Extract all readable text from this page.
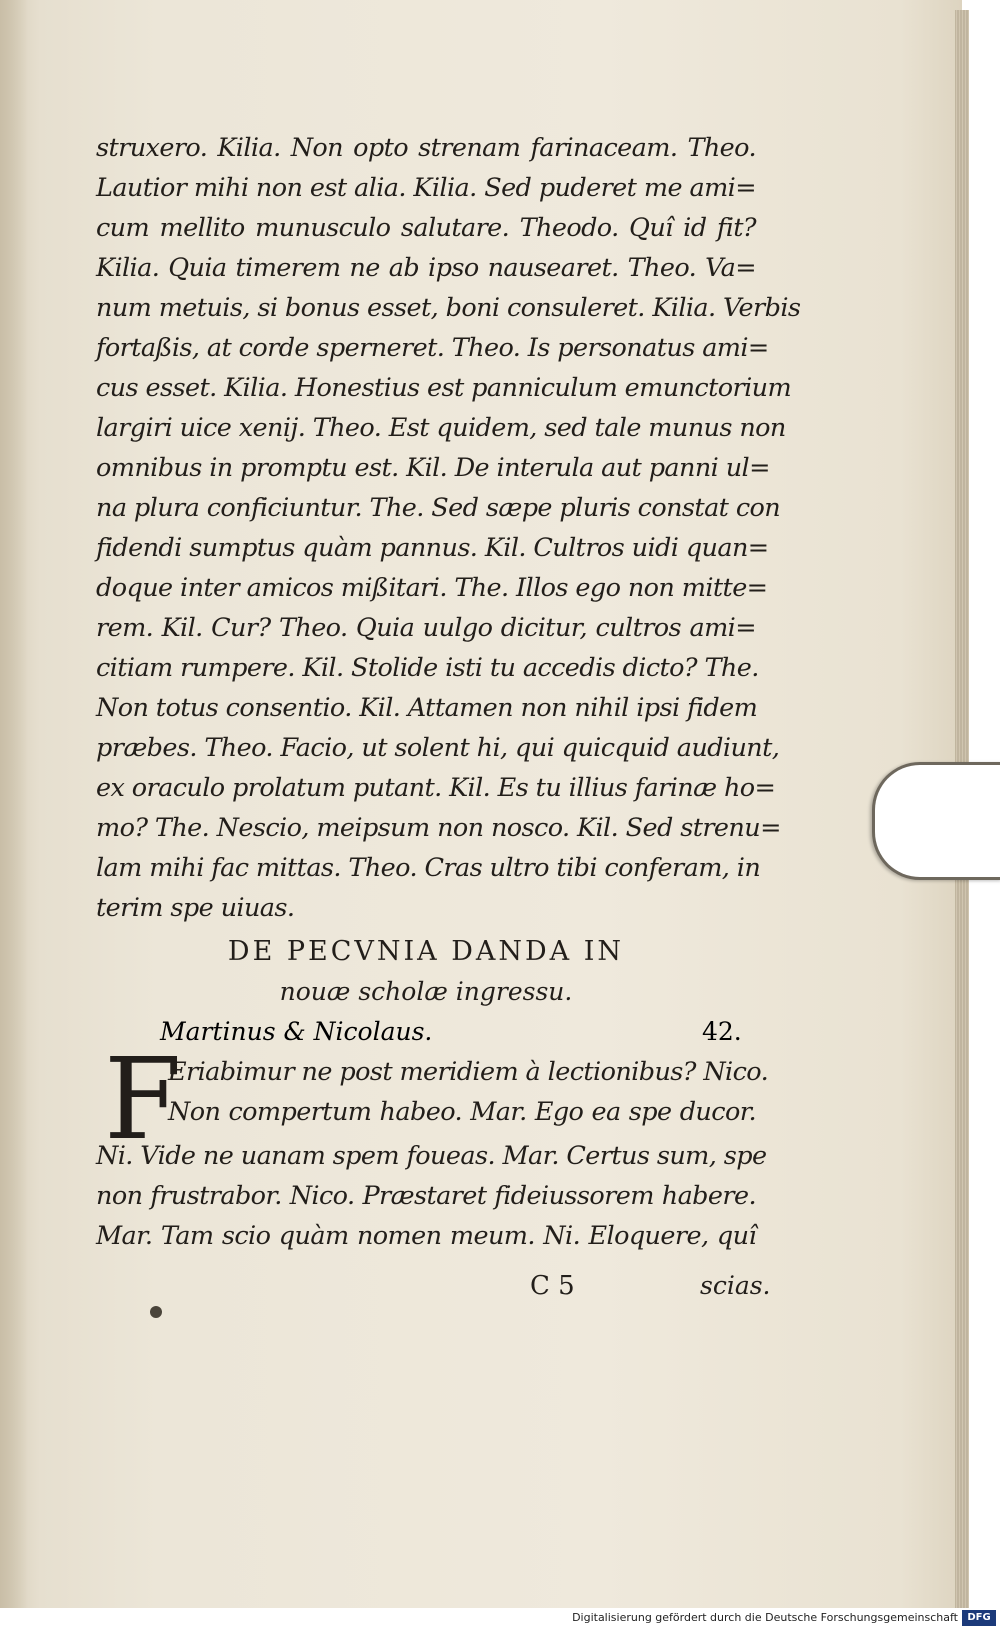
struxero. Kilia. Non opto strenam farinaceam. Theo.
Lautior mihi non est alia. Kilia. Sed puderet me ami=
cum mellito munusculo salutare. Theodo. Quî id fit?
Kilia. Quia timerem ne ab ipso nausearet. Theo. Va=
num metuis, si bonus esset, boni consuleret. Kilia. Verbis
fortaßis, at corde sperneret. Theo. Is personatus ami=
cus esset. Kilia. Honestius est panniculum emunctorium
largiri uice xenij. Theo. Est quidem, sed tale munus non
omnibus in promptu est. Kil. De interula aut panni ul=
na plura conficiuntur. The. Sed sæpe pluris constat con
fidendi sumptus quàm pannus. Kil. Cultros uidi quan=
doque inter amicos mißitari. The. Illos ego non mitte=
rem. Kil. Cur? Theo. Quia uulgo dicitur, cultros ami=
citiam rumpere. Kil. Stolide isti tu accedis dicto? The.
Non totus consentio. Kil. Attamen non nihil ipsi fidem
præbes. Theo. Facio, ut solent hi, qui quicquid audiunt,
ex oraculo prolatum putant. Kil. Es tu illius farinæ ho=
mo? The. Nescio, meipsum non nosco. Kil. Sed strenu=
lam mihi fac mittas. Theo. Cras ultro tibi conferam, in
terim spe uiuas.
DE PECVNIA DANDA IN
nouæ scholæ ingressu.
Martinus & Nicolaus.	42.
F
Eriabimur ne post meridiem à lectionibus? Nico.
Non compertum habeo. Mar. Ego ea spe ducor.
Ni. Vide ne uanam spem foueas. Mar. Certus sum, spe
non frustrabor. Nico. Præstaret fideiussorem habere.
Mar. Tam scio quàm nomen meum. Ni. Eloquere, quî
C 5	scias.
Digitalisierung gefördert durch die Deutsche Forschungsgemeinschaft DFG
